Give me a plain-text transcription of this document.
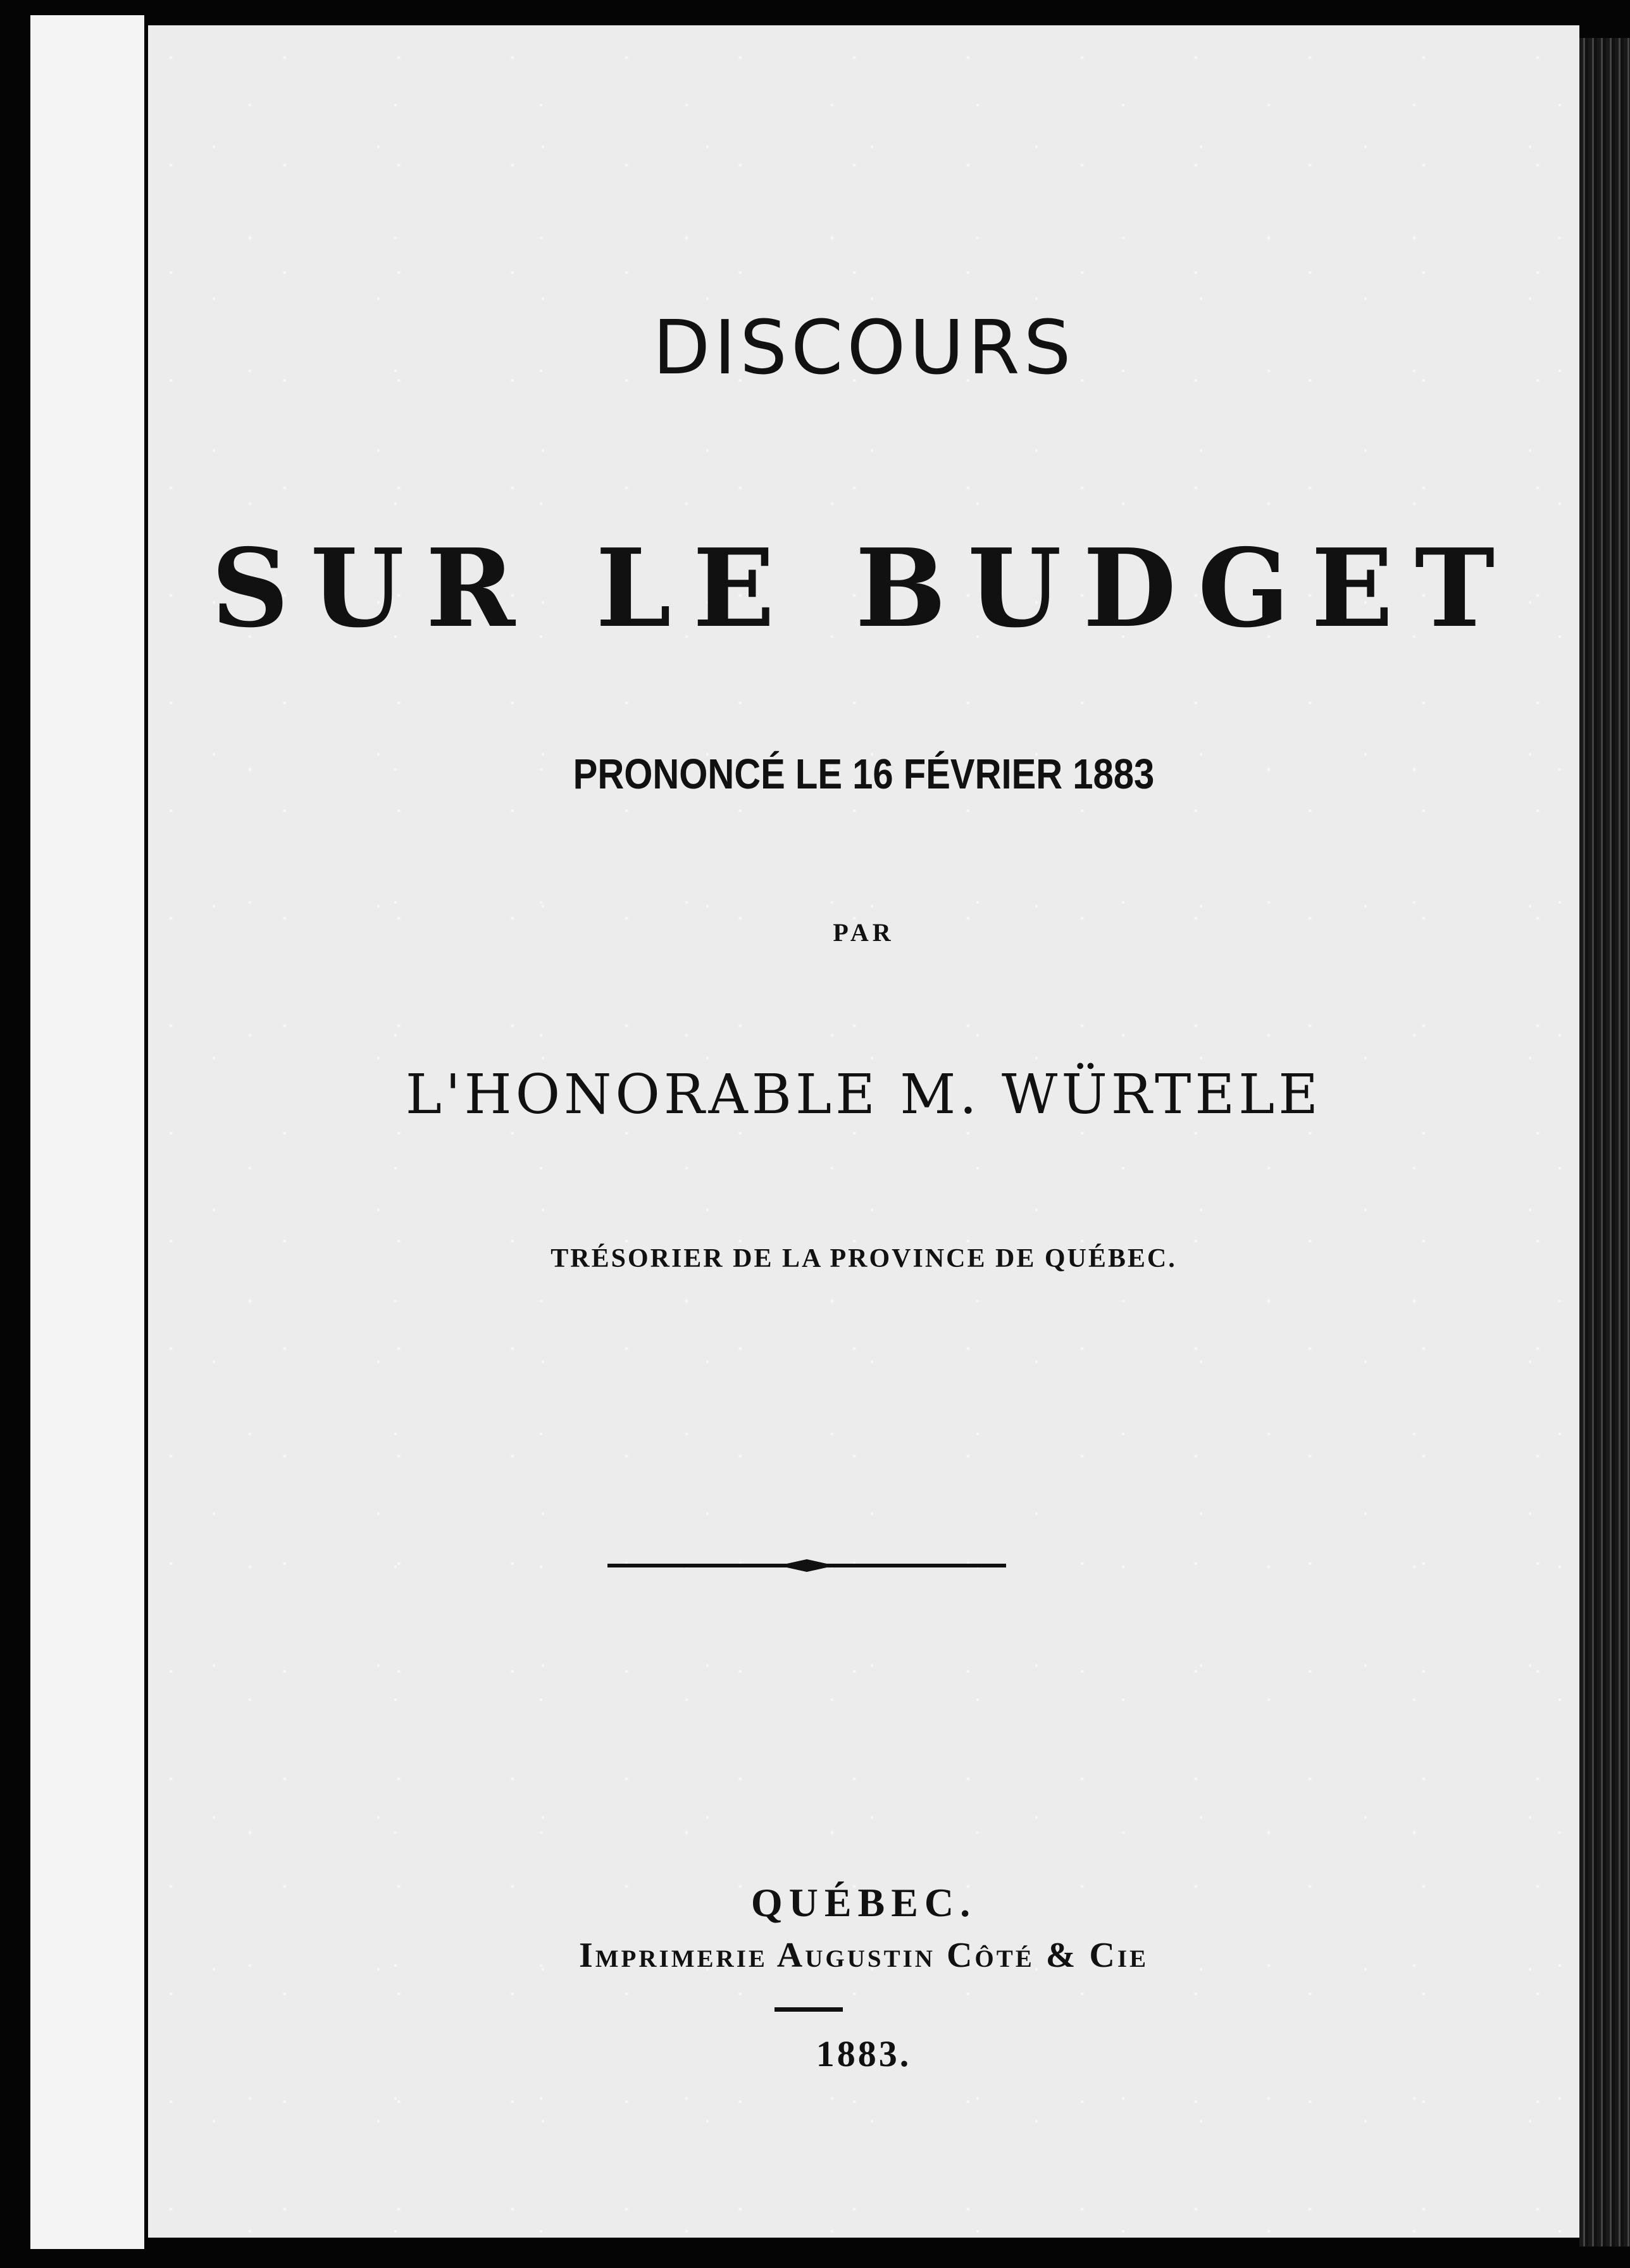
DISCOURS
SUR LE BUDGET
PRONONCÉ LE 16 FÉVRIER 1883
PAR
L'HONORABLE M. WÜRTELE
TRÉSORIER DE LA PROVINCE DE QUÉBEC.
QUÉBEC.
Imprimerie Augustin Côté & Cie
1883.
